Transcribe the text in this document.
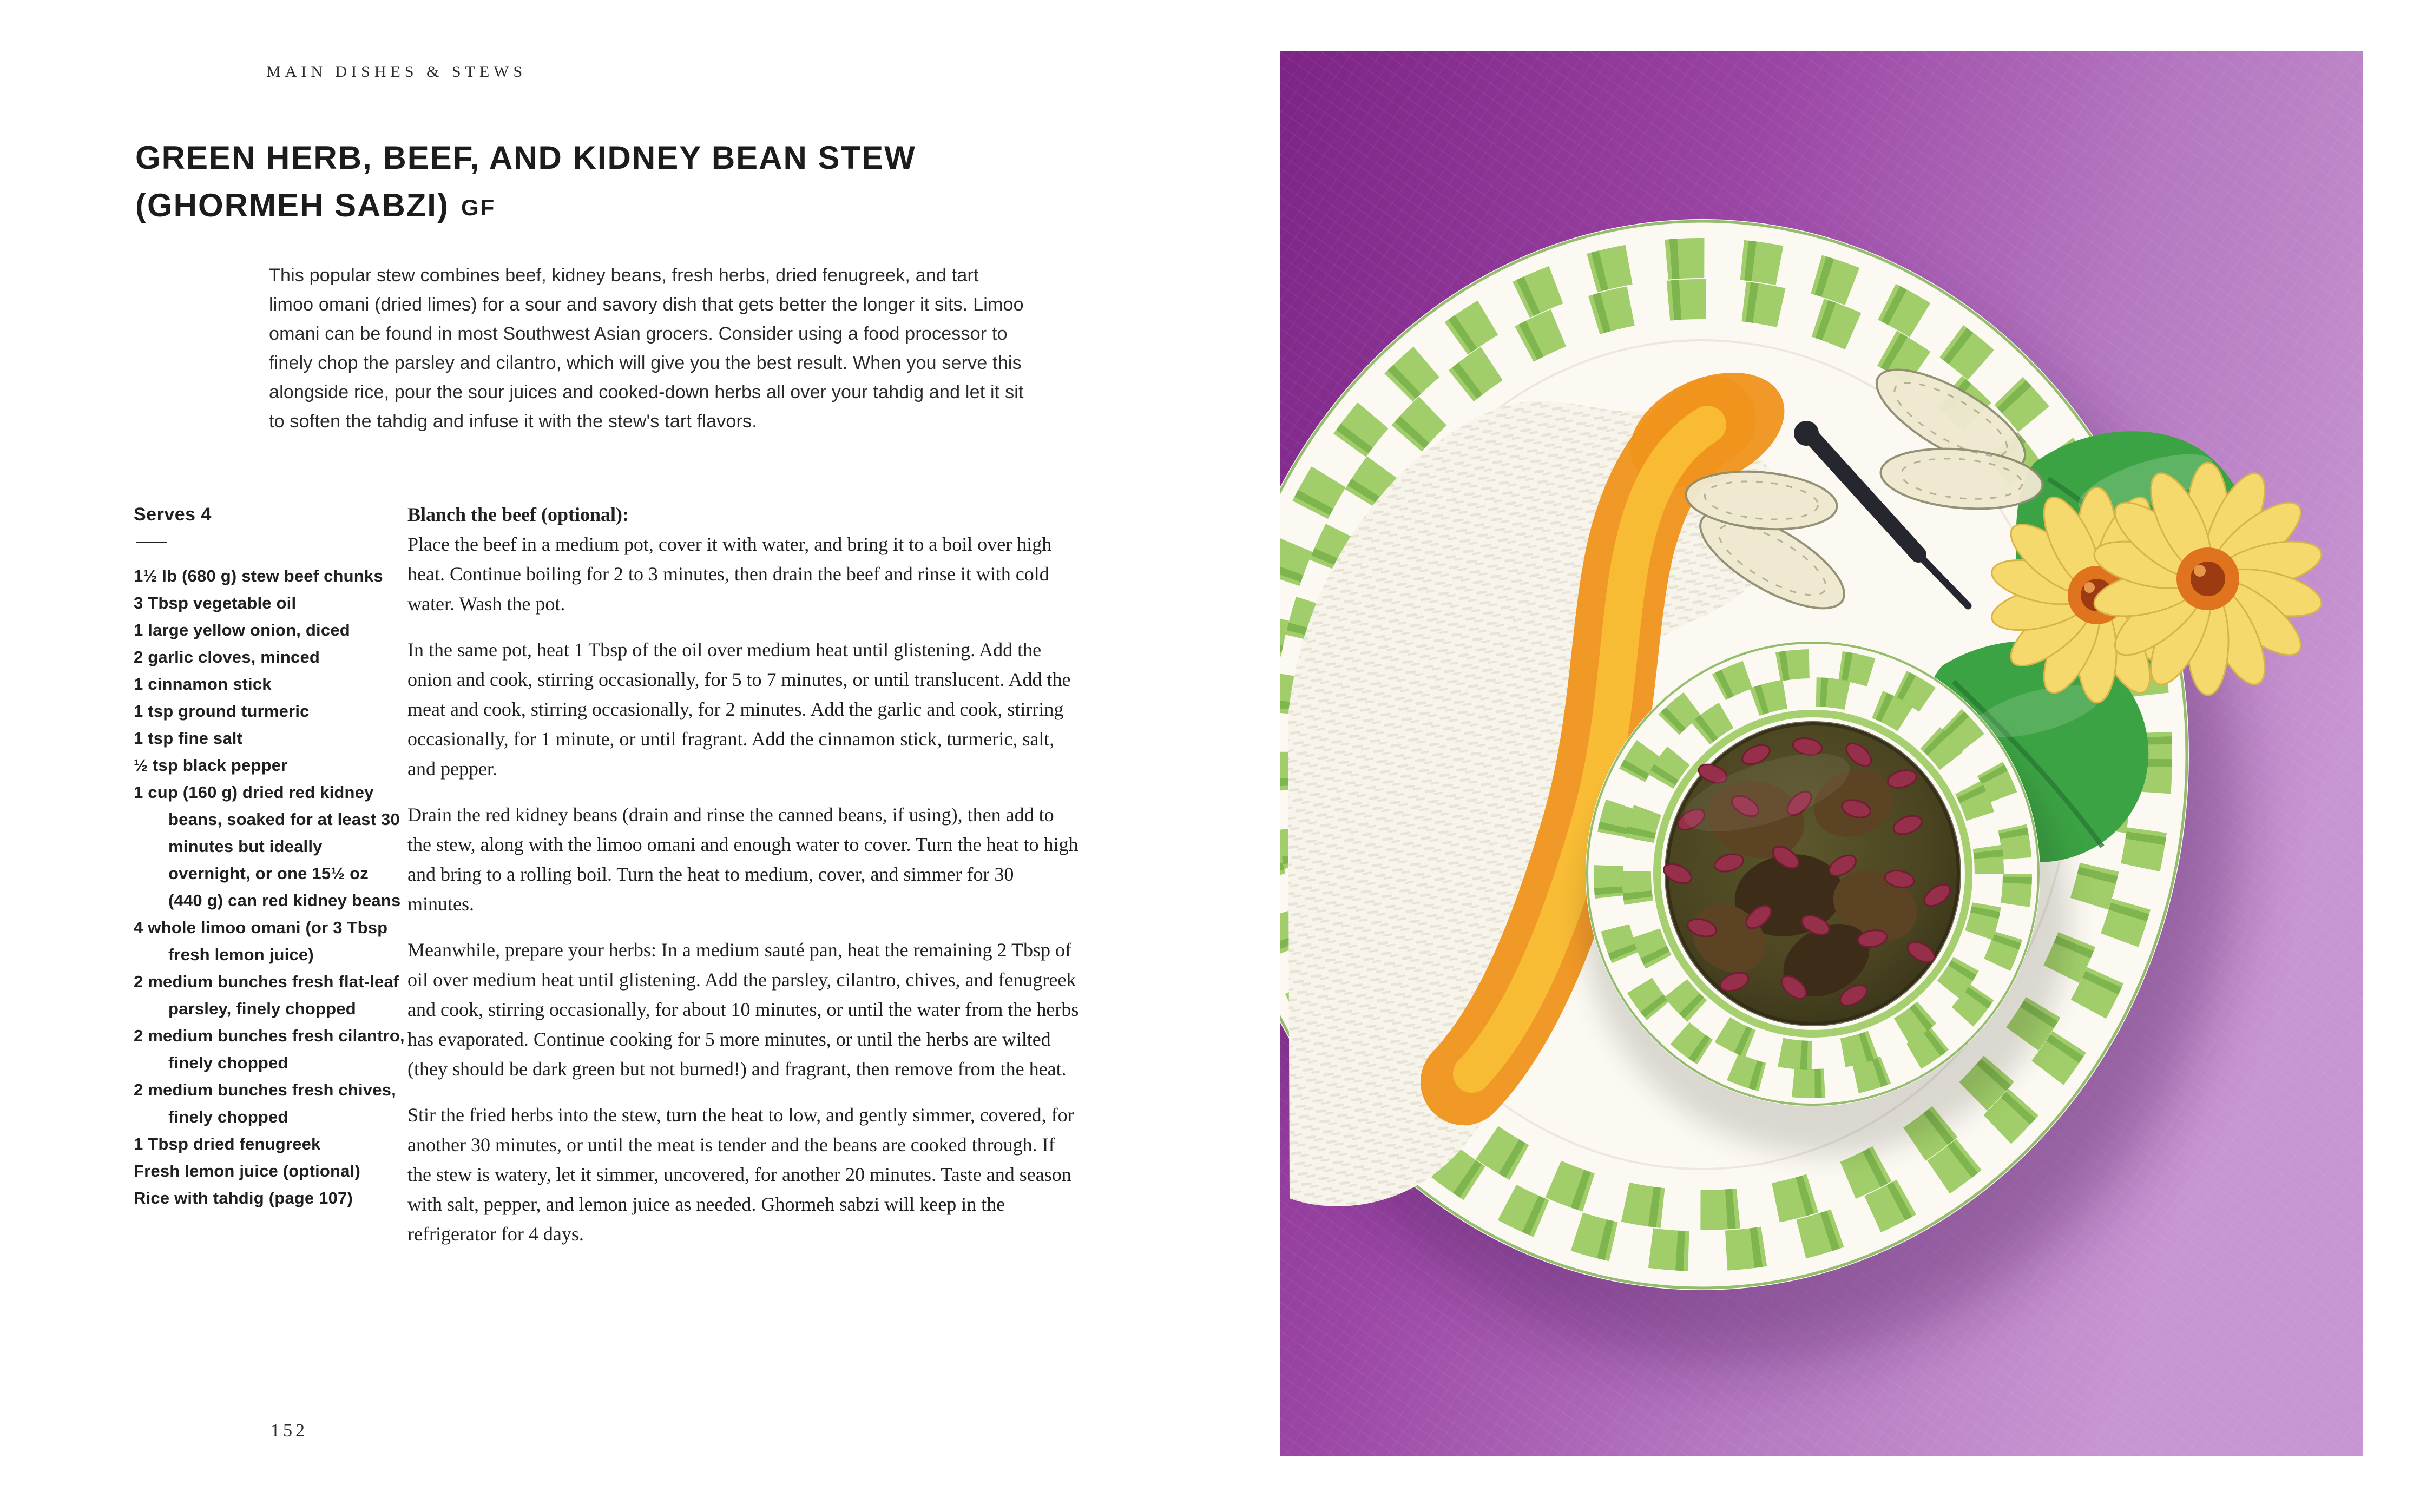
MAIN DISHES & STEWS
GREEN HERB, BEEF, AND KIDNEY BEAN STEW
(GHORMEH SABZI) GF

This popular stew combines beef, kidney beans, fresh herbs, dried fenugreek, and tart limoo omani (dried limes) for a sour and savory dish that gets better the longer it sits. Limoo omani can be found in most Southwest Asian grocers. Consider using a food processor to finely chop the parsley and cilantro, which will give you the best result. When you serve this alongside rice, pour the sour juices and cooked-down herbs all over your tahdig and let it sit to soften the tahdig and infuse it with the stew's tart flavors.

Serves 4
1½ lb (680 g) stew beef chunks
3 Tbsp vegetable oil
1 large yellow onion, diced
2 garlic cloves, minced
1 cinnamon stick
1 tsp ground turmeric
1 tsp fine salt
½ tsp black pepper
1 cup (160 g) dried red kidney beans, soaked for at least 30 minutes but ideally overnight, or one 15½ oz (440 g) can red kidney beans
4 whole limoo omani (or 3 Tbsp fresh lemon juice)
2 medium bunches fresh flat-leaf parsley, finely chopped
2 medium bunches fresh cilantro, finely chopped
2 medium bunches fresh chives, finely chopped
1 Tbsp dried fenugreek
Fresh lemon juice (optional)
Rice with tahdig (page 107)

Blanch the beef (optional):
Place the beef in a medium pot, cover it with water, and bring it to a boil over high heat. Continue boiling for 2 to 3 minutes, then drain the beef and rinse it with cold water. Wash the pot.

In the same pot, heat 1 Tbsp of the oil over medium heat until glistening. Add the onion and cook, stirring occasionally, for 5 to 7 minutes, or until translucent. Add the meat and cook, stirring occasionally, for 2 minutes. Add the garlic and cook, stirring occasionally, for 1 minute, or until fragrant. Add the cinnamon stick, turmeric, salt, and pepper.

Drain the red kidney beans (drain and rinse the canned beans, if using), then add to the stew, along with the limoo omani and enough water to cover. Turn the heat to high and bring to a rolling boil. Turn the heat to medium, cover, and simmer for 30 minutes.

Meanwhile, prepare your herbs: In a medium sauté pan, heat the remaining 2 Tbsp of oil over medium heat until glistening. Add the parsley, cilantro, chives, and fenugreek and cook, stirring occasionally, for about 10 minutes, or until the water from the herbs has evaporated. Continue cooking for 5 more minutes, or until the herbs are wilted (they should be dark green but not burned!) and fragrant, then remove from the heat.

Stir the fried herbs into the stew, turn the heat to low, and gently simmer, covered, for another 30 minutes, or until the meat is tender and the beans are cooked through. If the stew is watery, let it simmer, uncovered, for another 20 minutes. Taste and season with salt, pepper, and lemon juice as needed. Ghormeh sabzi will keep in the refrigerator for 4 days.

152
